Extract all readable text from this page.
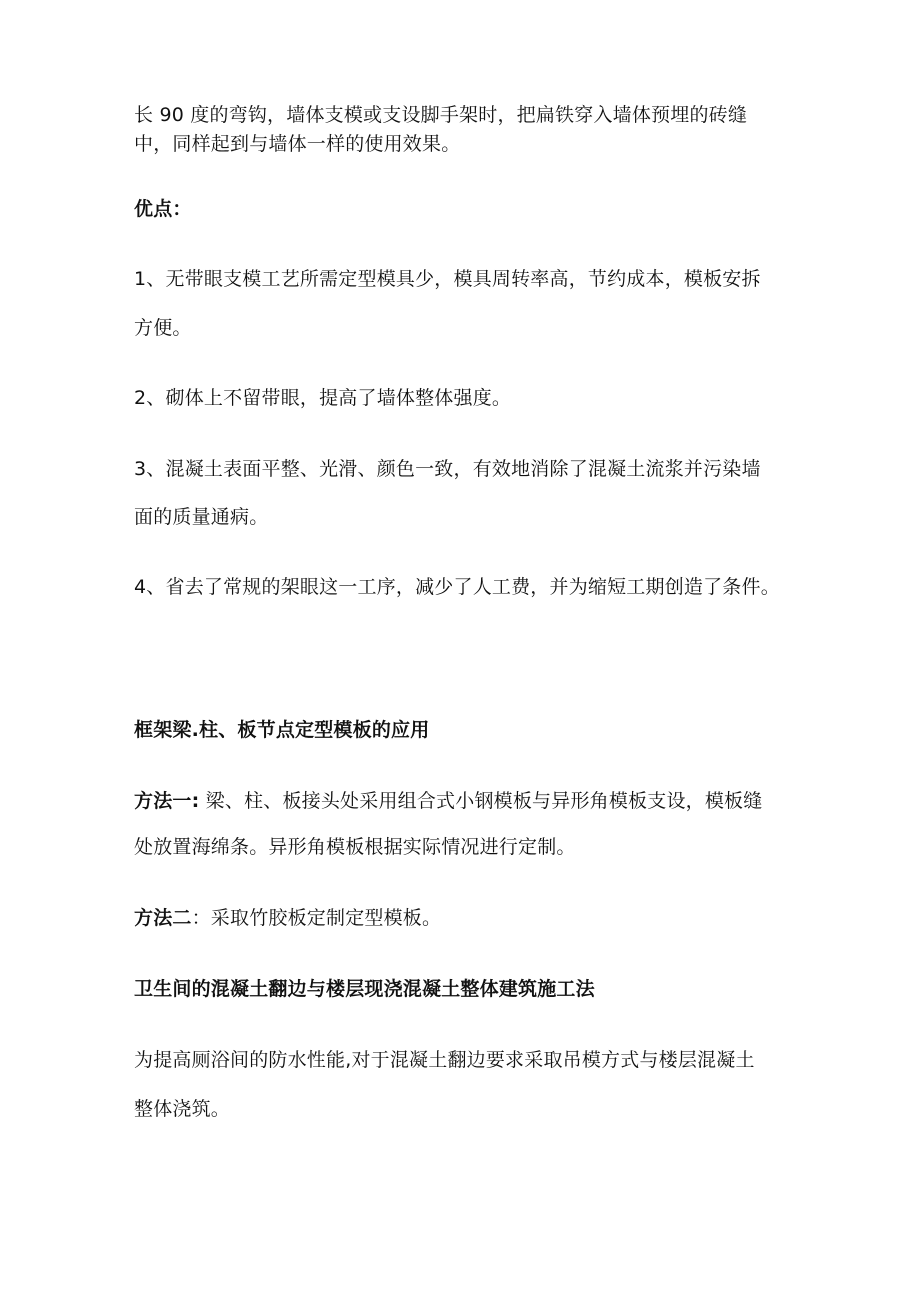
长 90 度的弯钩，墙体支模或支设脚手架时，把扁铁穿入墙体预埋的砖缝
中，同样起到与墙体一样的使用效果。
优点：
1、无带眼支模工艺所需定型模具少，模具周转率高，节约成本，模板安拆
方便。
2、砌体上不留带眼，提高了墙体整体强度。
3、混凝土表面平整、光滑、颜色一致，有效地消除了混凝土流浆并污染墙
面的质量通病。
4、省去了常规的架眼这一工序，减少了人工费，并为缩短工期创造了条件。
框架梁.柱、板节点定型模板的应用
方法一: 梁、柱、板接头处采用组合式小钢模板与异形角模板支设，模板缝
处放置海绵条。异形角模板根据实际情况进行定制。
方法二：采取竹胶板定制定型模板。
卫生间的混凝土翻边与楼层现浇混凝土整体建筑施工法
为提高厕浴间的防水性能,对于混凝土翻边要求采取吊模方式与楼层混凝土
整体浇筑。
